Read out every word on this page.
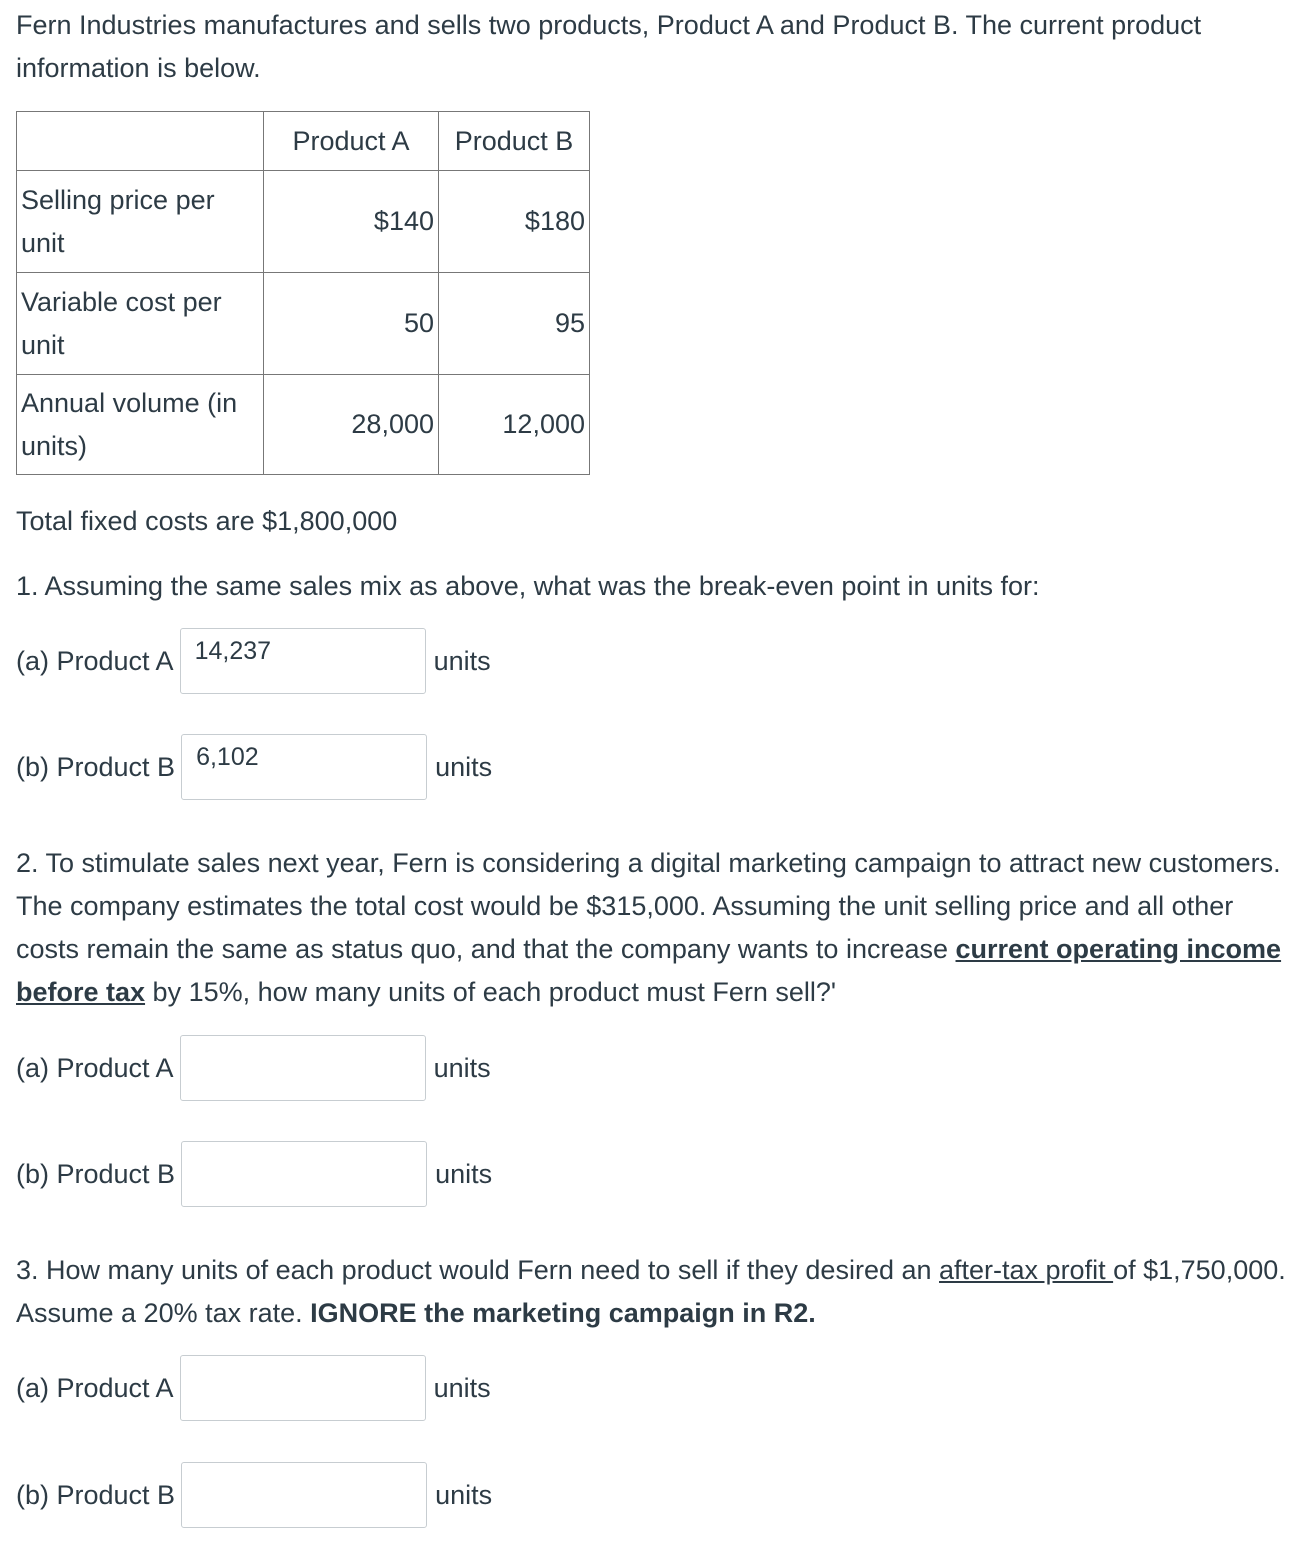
Fern Industries manufactures and sells two products, Product A and Product B. The current product information is below.

	Product A	Product B
Selling price per unit	$140	$180
Variable cost per unit	50	95
Annual volume (in units)	28,000	12,000

Total fixed costs are $1,800,000

1. Assuming the same sales mix as above, what was the break-even point in units for:

(a) Product A
14,237	units
(b) Product B
6,102	units

2. To stimulate sales next year, Fern is considering a digital marketing campaign to attract new customers. The company estimates the total cost would be $315,000. Assuming the unit selling price and all other costs remain the same as status quo, and that the company wants to increase current operating income before tax by 15%, how many units of each product must Fern sell?'

(a) Product A	units
(b) Product B	units

3. How many units of each product would Fern need to sell if they desired an after-tax profit of $1,750,000. Assume a 20% tax rate. IGNORE the marketing campaign in R2.

(a) Product A	units
(b) Product B	units
